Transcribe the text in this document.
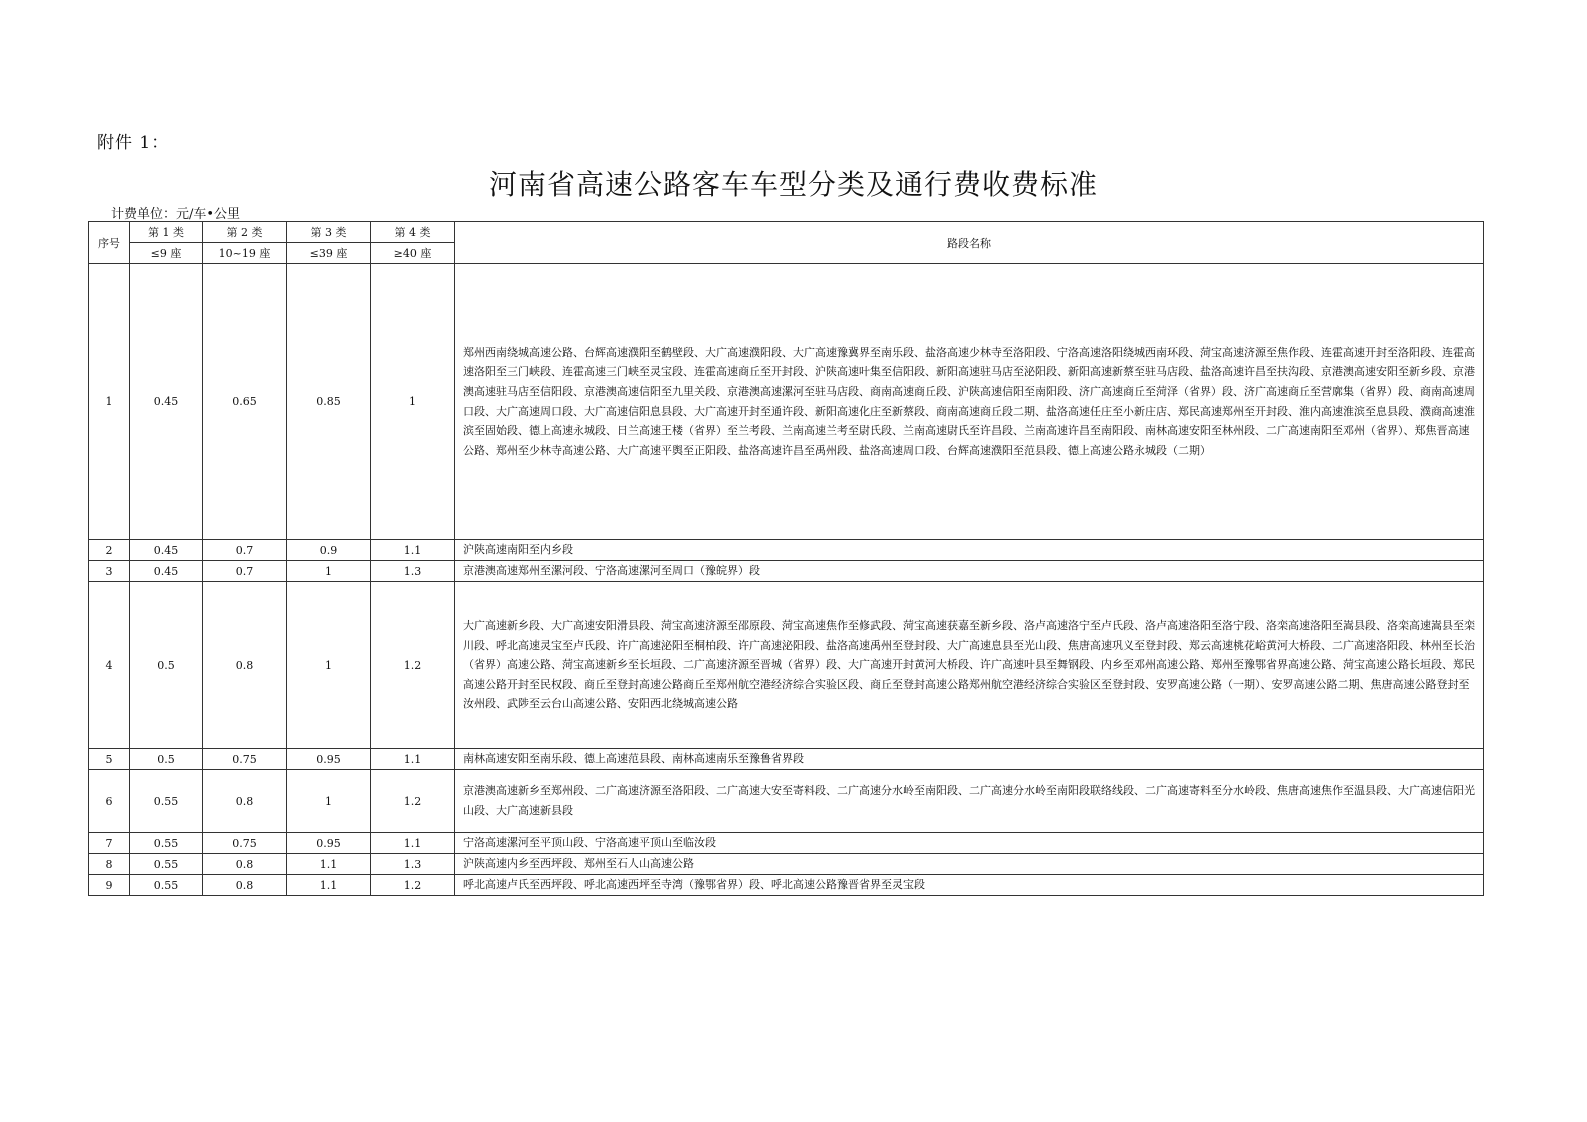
附件 1：
河南省高速公路客车车型分类及通行费收费标准
计费单位：元/车•公里
序号	第 1 类	第 2 类	第 3 类	第 4 类	路段名称
	≤9 座	10~19 座	≤39 座	≥40 座	
1	0.45	0.65	0.85	1	郑州西南绕城高速公路、台辉高速濮阳至鹤壁段、大广高速濮阳段、大广高速豫冀界至南乐段、盐洛高速少林寺至洛阳段、宁洛高速洛阳绕城西南环段、菏宝高速济源至焦作段、连霍高速开封至洛阳段、连霍高速洛阳至三门峡段、连霍高速三门峡至灵宝段、连霍高速商丘至开封段、沪陕高速叶集至信阳段、新阳高速驻马店至泌阳段、新阳高速新蔡至驻马店段、盐洛高速许昌至扶沟段、京港澳高速安阳至新乡段、京港澳高速驻马店至信阳段、京港澳高速信阳至九里关段、京港澳高速漯河至驻马店段、商南高速商丘段、沪陕高速信阳至南阳段、济广高速商丘至菏泽（省界）段、济广高速商丘至营廓集（省界）段、商南高速周口段、大广高速周口段、大广高速信阳息县段、大广高速开封至通许段、新阳高速化庄至新蔡段、商南高速商丘段二期、盐洛高速任庄至小新庄店、郑民高速郑州至开封段、淮内高速淮滨至息县段、濮商高速淮滨至固始段、德上高速永城段、日兰高速王楼（省界）至兰考段、兰南高速兰考至尉氏段、兰南高速尉氏至许昌段、兰南高速许昌至南阳段、南林高速安阳至林州段、二广高速南阳至邓州（省界）、郑焦晋高速公路、郑州至少林寺高速公路、大广高速平舆至正阳段、盐洛高速许昌至禹州段、盐洛高速周口段、台辉高速濮阳至范县段、德上高速公路永城段（二期）
2	0.45	0.7	0.9	1.1	沪陕高速南阳至内乡段
3	0.45	0.7	1	1.3	京港澳高速郑州至漯河段、宁洛高速漯河至周口（豫皖界）段
4	0.5	0.8	1	1.2	大广高速新乡段、大广高速安阳滑县段、菏宝高速济源至邵原段、菏宝高速焦作至修武段、菏宝高速获嘉至新乡段、洛卢高速洛宁至卢氏段、洛卢高速洛阳至洛宁段、洛栾高速洛阳至嵩县段、洛栾高速嵩县至栾川段、呼北高速灵宝至卢氏段、许广高速泌阳至桐柏段、许广高速泌阳段、盐洛高速禹州至登封段、大广高速息县至光山段、焦唐高速巩义至登封段、郑云高速桃花峪黄河大桥段、二广高速洛阳段、林州至长治（省界）高速公路、菏宝高速新乡至长垣段、二广高速济源至晋城（省界）段、大广高速开封黄河大桥段、许广高速叶县至舞钢段、内乡至邓州高速公路、郑州至豫鄂省界高速公路、菏宝高速公路长垣段、郑民高速公路开封至民权段、商丘至登封高速公路商丘至郑州航空港经济综合实验区段、商丘至登封高速公路郑州航空港经济综合实验区至登封段、安罗高速公路（一期）、安罗高速公路二期、焦唐高速公路登封至汝州段、武陟至云台山高速公路、安阳西北绕城高速公路
5	0.5	0.75	0.95	1.1	南林高速安阳至南乐段、德上高速范县段、南林高速南乐至豫鲁省界段
6	0.55	0.8	1	1.2	京港澳高速新乡至郑州段、二广高速济源至洛阳段、二广高速大安至寄料段、二广高速分水岭至南阳段、二广高速分水岭至南阳段联络线段、二广高速寄料至分水岭段、焦唐高速焦作至温县段、大广高速信阳光山段、大广高速新县段
7	0.55	0.75	0.95	1.1	宁洛高速漯河至平顶山段、宁洛高速平顶山至临汝段
8	0.55	0.8	1.1	1.3	沪陕高速内乡至西坪段、郑州至石人山高速公路
9	0.55	0.8	1.1	1.2	呼北高速卢氏至西坪段、呼北高速西坪至寺湾（豫鄂省界）段、呼北高速公路豫晋省界至灵宝段
